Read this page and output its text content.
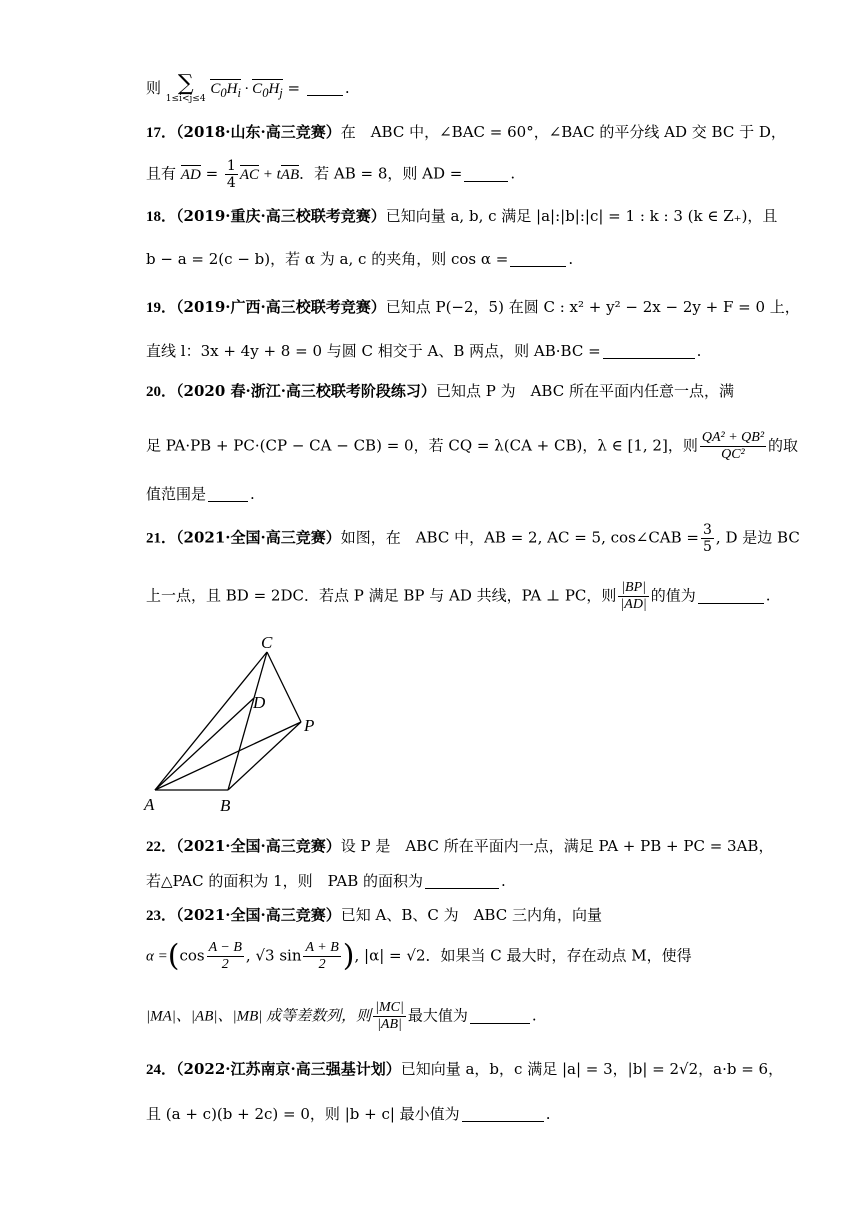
则 ∑
1≤i<j≤4
$C_0H_i \cdot C_0H_j$ =	.
17．（2018·山东·高三竞赛）在　ABC 中，∠BAC = 60°，∠BAC 的平分线 AD 交 BC 于 D，
且有 AD = $\frac{1}{4}$ AC + tAB．若 AB = 8，则 AD =	.
18．（2019·重庆·高三校联考竞赛）已知向量 a, b, c 满足 |a|:|b|:|c| = 1 : k : 3 (k ∈ Z₊)，且
b − a = 2(c − b)，若 α 为 a, c 的夹角，则 cos α =	.
19．（2019·广西·高三校联考竞赛）已知点 P(−2，5) 在圆 C : x² + y² − 2x − 2y + F = 0 上，
直线 l：3x + 4y + 8 = 0 与圆 C 相交于 A、B 两点，则 AB·BC =	.
20．（2020 春·浙江·高三校联考阶段练习）已知点 P 为　ABC 所在平面内任意一点，满
足 PA·PB + PC·(CP − CA − CB) = 0，若 CQ = λ(CA + CB)，λ ∈ [1, 2]，则 $\frac{\text{QA² + QB²}}{\text{QC²}}$ 的取
值范围是	.
21．（2021·全国·高三竞赛）如图，在　ABC 中，AB = 2, AC = 5, cos∠CAB = $\frac{3}{5}$ , D 是边 BC
上一点，且 BD = 2DC．若点 P 满足 BP 与 AD 共线，PA ⊥ PC，则 $\frac{|BP|}{|AD|}$ 的值为	.
C
D
P
A	B
22．（2021·全国·高三竞赛）设 P 是　ABC 所在平面内一点，满足 PA + PB + PC = 3AB，
若△PAC 的面积为 1，则　PAB 的面积为	.
23．（2021·全国·高三竞赛）已知 A、B、C 为　ABC 三内角，向量
$\alpha =(\cos \frac{A - B}{2}$ , √3 $\sin \frac{A + B}{2}$ ), |α| = √2．如果当 C 最大时，存在动点 M，使得
|MA|、|AB|、|MB| 成等差数列，则 $\frac{|MC|}{|AB|}$ 最大值为	.
24．（2022·江苏南京·高三强基计划）已知向量 a，b，c 满足 |a| = 3，|b| = 2√2，a·b = 6，
且 (a + c)(b + 2c) = 0，则 |b + c| 最小值为	.
